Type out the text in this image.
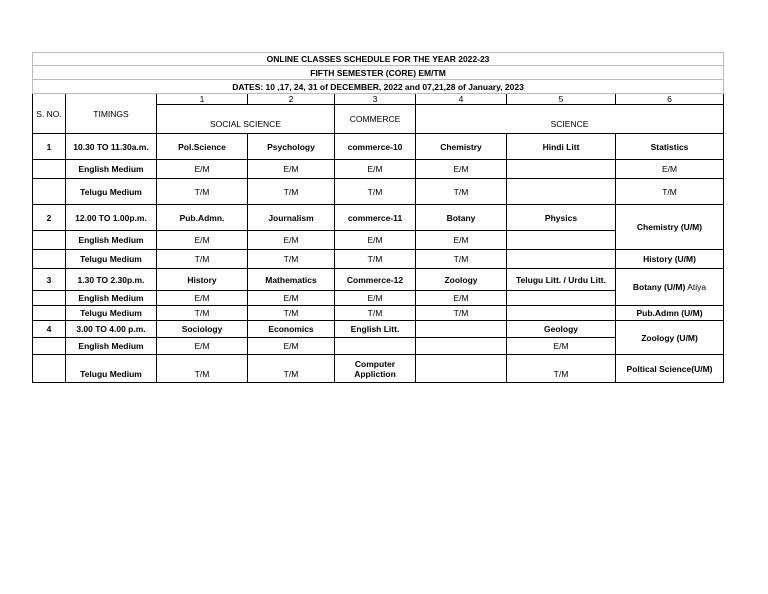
ONLINE CLASSES SCHEDULE FOR THE YEAR 2022-23							
FIFTH SEMESTER (CORE) EM/TM							
DATES: 10 ,17, 24, 31 of DECEMBER, 2022 and 07,21,28 of January, 2023							
S. NO.	TIMINGS	1	2	3	4	5	6
		SOCIAL SCIENCE		COMMERCE	SCIENCE		
1	10.30 TO 11.30a.m.	Pol.Science	Psychology	commerce-10	Chemistry	Hindi Litt	Statistics
	English Medium	E/M	E/M	E/M	E/M		E/M
	Telugu Medium	T/M	T/M	T/M	T/M		T/M
2	12.00 TO 1.00p.m.	Pub.Admn.	Journalism	commerce-11	Botany	Physics	Chemistry (U/M)
	English Medium	E/M	E/M	E/M	E/M		
	Telugu Medium	T/M	T/M	T/M	T/M		History (U/M)
3	1.30 TO 2.30p.m.	History	Mathematics	Commerce-12	Zoology	Telugu Litt. / Urdu Litt.	Botany (U/M) Atiya
	English Medium	E/M	E/M	E/M	E/M		
	Telugu Medium	T/M	T/M	T/M	T/M		Pub.Admn (U/M)
4	3.00 TO 4.00 p.m.	Sociology	Economics	English Litt.		Geology	Zoology (U/M)
	English Medium	E/M	E/M			E/M	
	Telugu Medium	T/M	T/M	Computer Appliction		T/M	Poltical Science(U/M)
